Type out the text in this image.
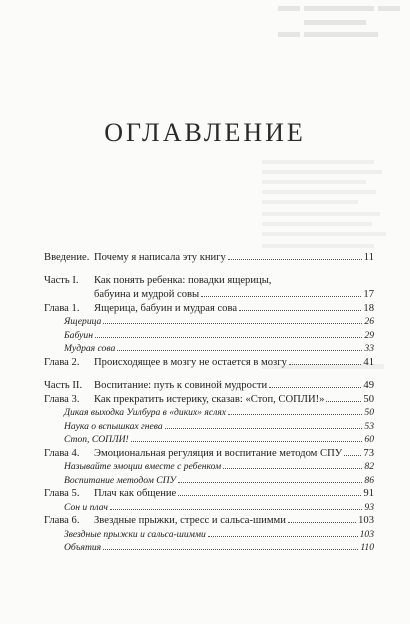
ОГЛАВЛЕНИЕ
Введение. Почему я написала эту книгу	11
Часть I.	Как понять ребенка: повадки ящерицы,
бабуина и мудрой совы	17
Глава 1.	Ящерица, бабуин и мудрая сова	18
Ящерица	26
Бабуин	29
Мудрая сова	33
Глава 2.	Происходящее в мозгу не остается в мозгу	41
Часть II.	Воспитание: путь к совиной мудрости	49
Глава 3.	Как прекратить истерику, сказав: «Стоп, СОПЛИ!»	50
Дикая выходка Уилбура в «диких» яслях	50
Наука о вспышках гнева	53
Стоп, СОПЛИ!	60
Глава 4.	Эмоциональная регуляция и воспитание методом СПУ 73
Называйте эмоции вместе с ребенком	82
Воспитание методом СПУ	86
Глава 5.	Плач как общение	91
Сон и плач	93
Глава 6.	Звездные прыжки, стресс и сальса-шимми	103
Звездные прыжки и сальса-шимми	103
Объятия	110
